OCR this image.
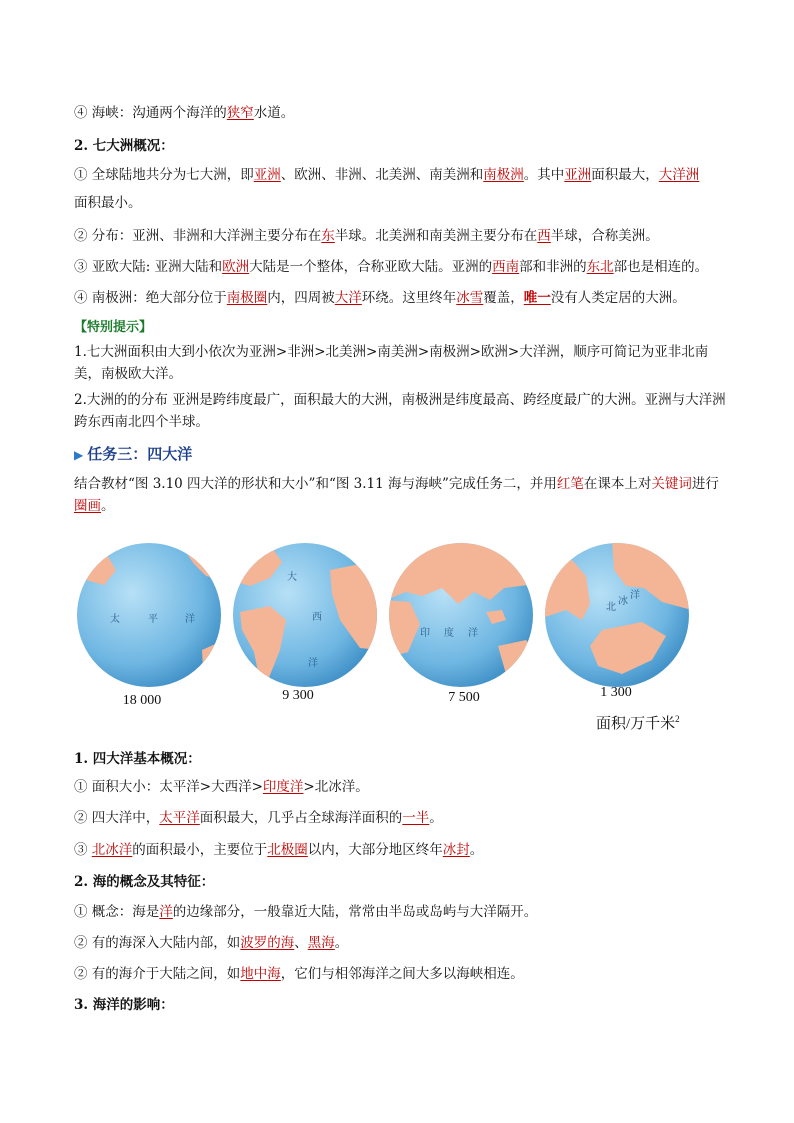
④ 海峡：沟通两个海洋的狭窄水道。
2. 七大洲概况：
① 全球陆地共分为七大洲，即亚洲、欧洲、非洲、北美洲、南美洲和南极洲。其中亚洲面积最大，大洋洲
面积最小。
② 分布：亚洲、非洲和大洋洲主要分布在东半球。北美洲和南美洲主要分布在西半球，合称美洲。
③ 亚欧大陆: 亚洲大陆和欧洲大陆是一个整体，合称亚欧大陆。亚洲的西南部和非洲的东北部也是相连的。
④ 南极洲：绝大部分位于南极圈内，四周被大洋环绕。这里终年冰雪覆盖，唯一没有人类定居的大洲。
【特别提示】
1.七大洲面积由大到小依次为亚洲>非洲>北美洲>南美洲>南极洲>欧洲>大洋洲，顺序可简记为亚非北南美，南极欧大洋。
2.大洲的的分布 亚洲是跨纬度最广，面积最大的大洲，南极洲是纬度最高、跨经度最广的大洲。亚洲与大洋洲跨东西南北四个半球。
▶ 任务三：四大洋
结合教材“图 3.10 四大洋的形状和大小”和“图 3.11 海与海峡”完成任务二，并用红笔在课本上对关键词进行圈画。
太	平	洋
大
西
洋
印 度 洋
北
冰
洋
18 000	9 300	7 500	1 300
面积/万千米$^2$
1. 四大洋基本概况：
① 面积大小：太平洋>大西洋>印度洋>北冰洋。
② 四大洋中，太平洋面积最大，几乎占全球海洋面积的一半。
③ 北冰洋的面积最小，主要位于北极圈以内，大部分地区终年冰封。
2. 海的概念及其特征：
① 概念：海是洋的边缘部分，一般靠近大陆，常常由半岛或岛屿与大洋隔开。
② 有的海深入大陆内部，如波罗的海、黑海。
② 有的海介于大陆之间，如地中海，它们与相邻海洋之间大多以海峡相连。
3. 海洋的影响：
